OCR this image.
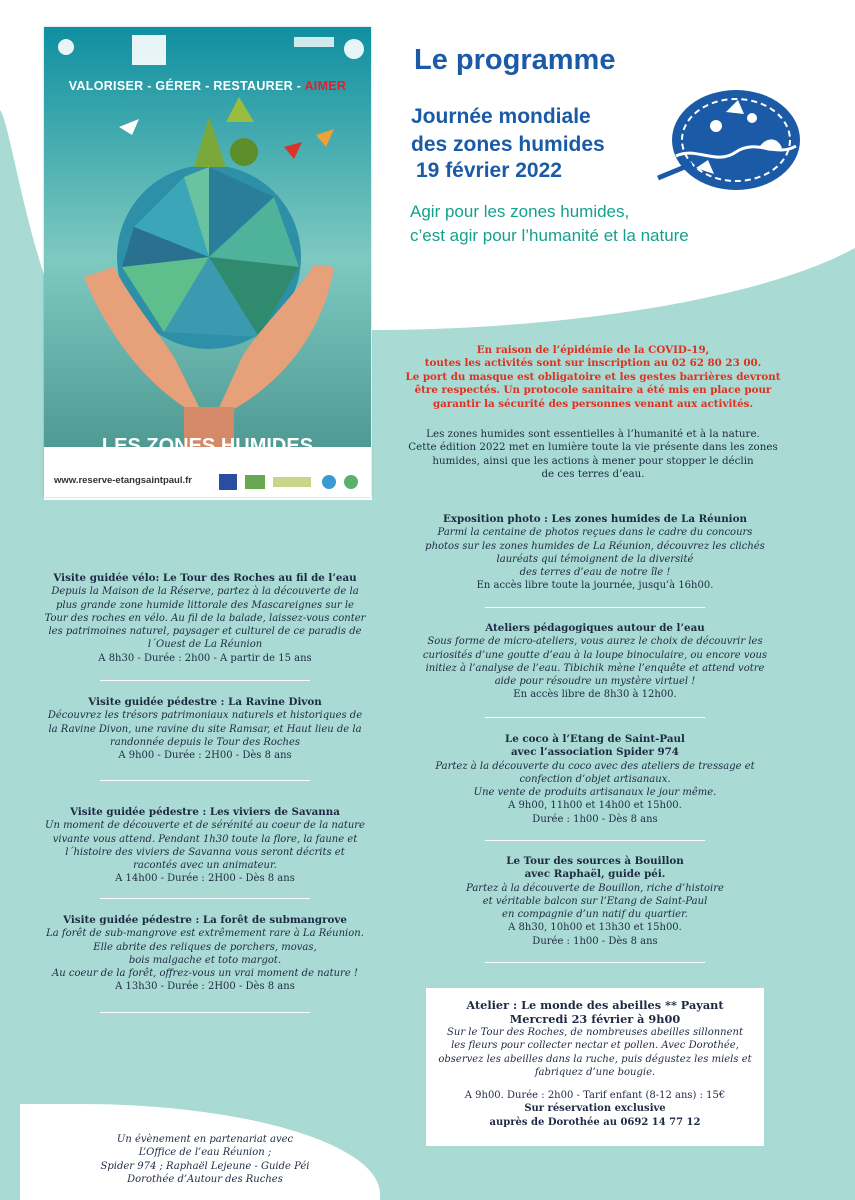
VALORISER - GÉRER - RESTAURER - AIMER
LES ZONES HUMIDES
www.reserve-etangsaintpaul.fr
Le programme
Journée mondiale
des zones humides
19 février 2022
Agir pour les zones humides,
c’est agir pour l’humanité et la nature
En raison de l’épidémie de la COVID-19,
toutes les activités sont sur inscription au 02 62 80 23 00.
Le port du masque est obligatoire et les gestes barrières devront
être respectés. Un protocole sanitaire a été mis en place pour
garantir la sécurité des personnes venant aux activités.
Les zones humides sont essentielles à l’humanité et à la nature.
Cette édition 2022 met en lumière toute la vie présente dans les zones
humides, ainsi que les actions à mener pour stopper le déclin
de ces terres d’eau.
Visite guidée vélo: Le Tour des Roches au fil de l’eau
Depuis la Maison de la Réserve, partez à la découverte de la
plus grande zone humide littorale des Mascareignes sur le
Tour des roches en vélo. Au fil de la balade, laissez-vous conter
les patrimoines naturel, paysager et culturel de ce paradis de
l´Ouest de La Réunion
A 8h30 - Durée : 2h00 - A partir de 15 ans
Visite guidée pédestre : La Ravine Divon
Découvrez les trésors patrimoniaux naturels et historiques de
la Ravine Divon, une ravine du site Ramsar, et Haut lieu de la
randonnée depuis le Tour des Roches
A 9h00 - Durée : 2H00 - Dès 8 ans
Visite guidée pédestre : Les viviers de Savanna
Un moment de découverte et de sérénité au coeur de la nature
vivante vous attend. Pendant 1h30 toute la flore, la faune et
l´histoire des viviers de Savanna vous seront décrits et
racontés avec un animateur.
A 14h00 - Durée : 2H00 - Dès 8 ans
Visite guidée pédestre : La forêt de submangrove
La forêt de sub-mangrove est extrêmement rare à La Réunion.
Elle abrite des reliques de porchers, movas,
bois malgache et toto margot.
Au coeur de la forêt, offrez-vous un vrai moment de nature !
A 13h30 - Durée : 2H00 - Dès 8 ans
Exposition photo : Les zones humides de La Réunion
Parmi la centaine de photos reçues dans le cadre du concours
photos sur les zones humides de La Réunion, découvrez les clichés
lauréats qui témoignent de la diversité
des terres d’eau de notre île !
En accès libre toute la journée, jusqu’à 16h00.
Ateliers pédagogiques autour de l’eau
Sous forme de micro-ateliers, vous aurez le choix de découvrir les
curiosités d’une goutte d’eau à la loupe binoculaire, ou encore vous
initiez à l’analyse de l’eau. Tibichik mène l’enquête et attend votre
aide pour résoudre un mystère virtuel !
En accès libre de 8h30 à 12h00.
Le coco à l’Etang de Saint-Paul
avec l’association Spider 974
Partez à la découverte du coco avec des ateliers de tressage et
confection d’objet artisanaux.
Une vente de produits artisanaux le jour même.
A 9h00, 11h00 et 14h00 et 15h00.
Durée : 1h00 - Dès 8 ans
Le Tour des sources à Bouillon
avec Raphaël, guide péi.
Partez à la découverte de Bouillon, riche d’histoire
et véritable balcon sur l’Etang de Saint-Paul
en compagnie d’un natif du quartier.
A 8h30, 10h00 et 13h30 et 15h00.
Durée : 1h00 - Dès 8 ans
Atelier : Le monde des abeilles ** Payant
Mercredi 23 février à 9h00
Sur le Tour des Roches, de nombreuses abeilles sillonnent
les fleurs pour collecter nectar et pollen. Avec Dorothée,
observez les abeilles dans la ruche, puis dégustez les miels et
fabriquez d’une bougie.
A 9h00. Durée : 2h00 - Tarif enfant (8-12 ans) : 15€
Sur réservation exclusive
auprès de Dorothée au 0692 14 77 12
Un évènement en partenariat avec
L’Office de l’eau Réunion ;
Spider 974 ; Raphaël Lejeune - Guide Péi
Dorothée d’Autour des Ruches
